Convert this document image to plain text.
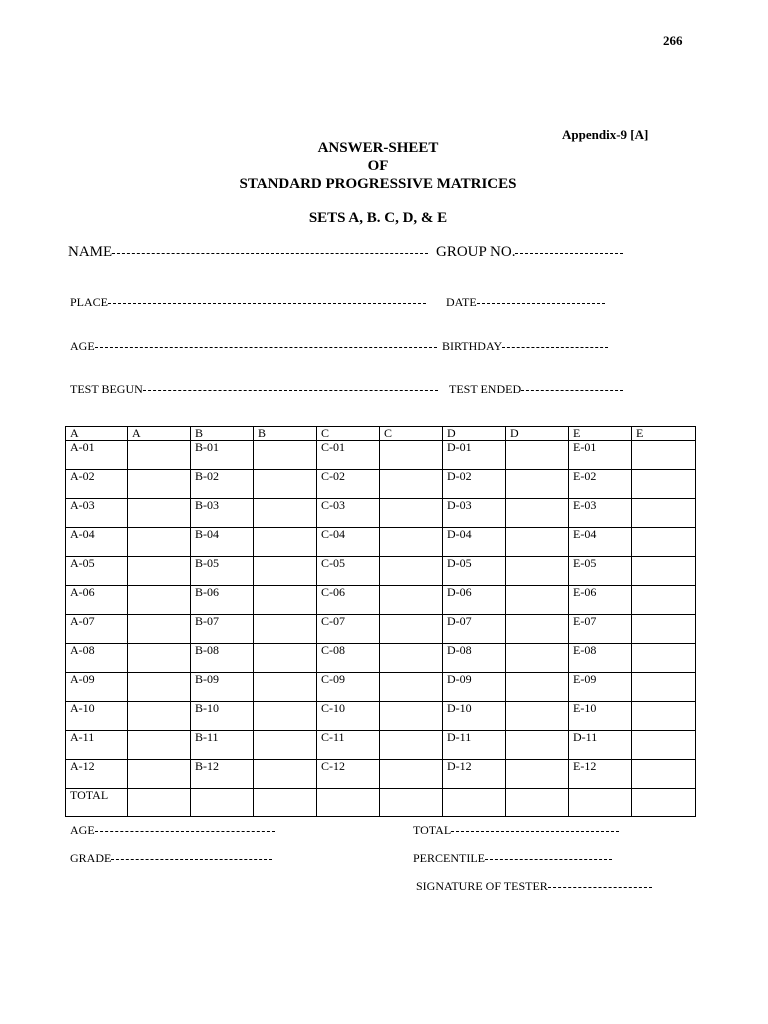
266
Appendix-9 [A]
ANSWER-SHEET
OF
STANDARD PROGRESSIVE MATRICES
SETS A, B. C, D, & E
NAME	GROUP NO.
PLACE	DATE
AGE	BIRTHDAY
TEST BEGUN	TEST ENDED
A	A	B	B	C	C	D	D	E	E
A-01		B-01		C-01		D-01		E-01	
A-02		B-02		C-02		D-02		E-02	
A-03		B-03		C-03		D-03		E-03	
A-04		B-04		C-04		D-04		E-04	
A-05		B-05		C-05		D-05		E-05	
A-06		B-06		C-06		D-06		E-06	
A-07		B-07		C-07		D-07		E-07	
A-08		B-08		C-08		D-08		E-08	
A-09		B-09		C-09		D-09		E-09	
A-10		B-10		C-10		D-10		E-10	
A-11		B-11		C-11		D-11		D-11	
A-12		B-12		C-12		D-12		E-12	
TOTAL									
AGE	TOTAL
GRADE	PERCENTILE
SIGNATURE OF TESTER
